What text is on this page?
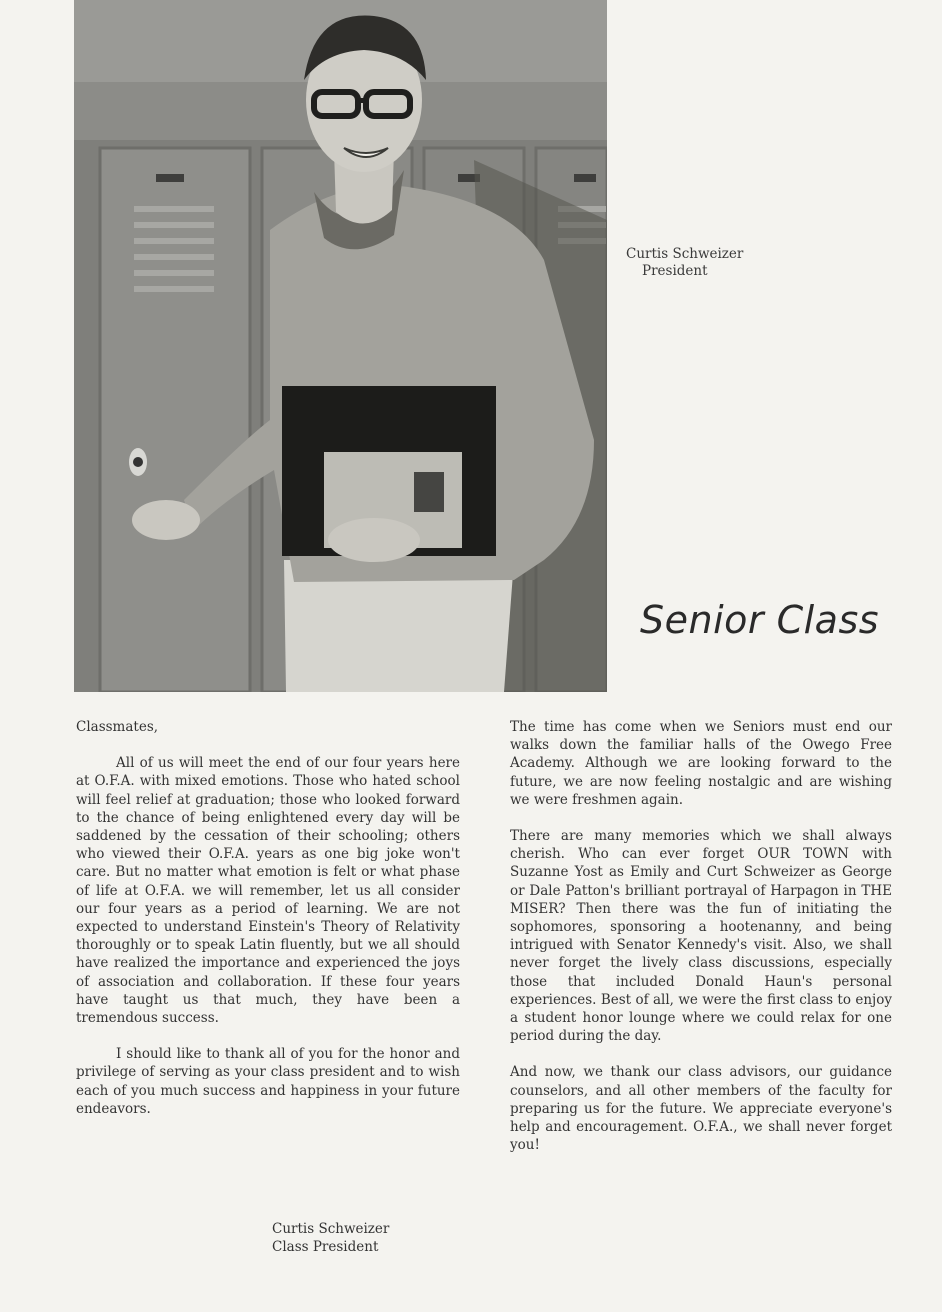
Curtis Schweizer
President
Senior Class

Classmates,

All of us will meet the end of our four years here at O.F.A. with mixed emotions. Those who hated school will feel relief at graduation; those who looked forward to the chance of being enlightened every day will be saddened by the cessation of their schooling; others who viewed their O.F.A. years as one big joke won't care. But no matter what emotion is felt or what phase of life at O.F.A. we will remember, let us all consider our four years as a period of learning. We are not expected to understand Einstein's Theory of Relativity thoroughly or to speak Latin fluently, but we all should have realized the importance and experienced the joys of association and collaboration. If these four years have taught us that much, they have been a tremendous success.

I should like to thank all of you for the honor and privilege of serving as your class president and to wish each of you much success and happiness in your future endeavors.

Curtis Schweizer
Class President

The time has come when we Seniors must end our walks down the familiar halls of the Owego Free Academy. Although we are looking forward to the future, we are now feeling nostalgic and are wishing we were freshmen again.

There are many memories which we shall always cherish. Who can ever forget OUR TOWN with Suzanne Yost as Emily and Curt Schweizer as George or Dale Patton's brilliant portrayal of Harpagon in THE MISER? Then there was the fun of initiating the sophomores, sponsoring a hootenanny, and being intrigued with Senator Kennedy's visit. Also, we shall never forget the lively class discussions, especially those that included Donald Haun's personal experiences. Best of all, we were the first class to enjoy a student honor lounge where we could relax for one period during the day.

And now, we thank our class advisors, our guidance counselors, and all other members of the faculty for preparing us for the future. We appreciate everyone's help and encouragement. O.F.A., we shall never forget you!
